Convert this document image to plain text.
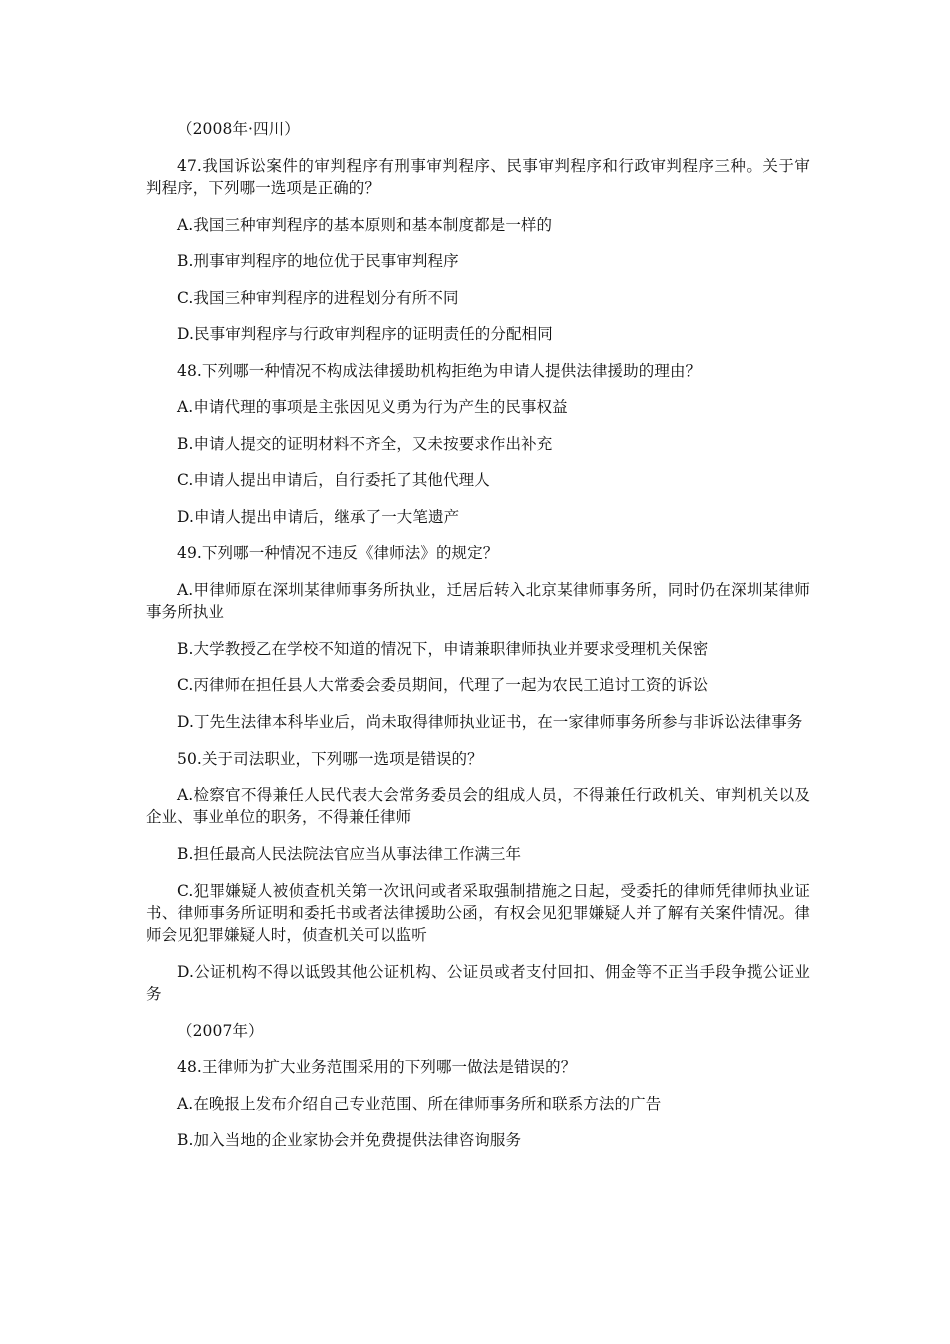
（2008年·四川）

47.我国诉讼案件的审判程序有刑事审判程序、民事审判程序和行政审判程序三种。关于审判程序，下列哪一选项是正确的？

A.我国三种审判程序的基本原则和基本制度都是一样的

B.刑事审判程序的地位优于民事审判程序

C.我国三种审判程序的进程划分有所不同

D.民事审判程序与行政审判程序的证明责任的分配相同

48.下列哪一种情况不构成法律援助机构拒绝为申请人提供法律援助的理由？

A.申请代理的事项是主张因见义勇为行为产生的民事权益

B.申请人提交的证明材料不齐全，又未按要求作出补充

C.申请人提出申请后，自行委托了其他代理人

D.申请人提出申请后，继承了一大笔遗产

49.下列哪一种情况不违反《律师法》的规定？

A.甲律师原在深圳某律师事务所执业，迁居后转入北京某律师事务所，同时仍在深圳某律师事务所执业

B.大学教授乙在学校不知道的情况下，申请兼职律师执业并要求受理机关保密

C.丙律师在担任县人大常委会委员期间，代理了一起为农民工追讨工资的诉讼

D.丁先生法律本科毕业后，尚未取得律师执业证书，在一家律师事务所参与非诉讼法律事务

50.关于司法职业，下列哪一选项是错误的？

A.检察官不得兼任人民代表大会常务委员会的组成人员，不得兼任行政机关、审判机关以及企业、事业单位的职务，不得兼任律师

B.担任最高人民法院法官应当从事法律工作满三年

C.犯罪嫌疑人被侦查机关第一次讯问或者采取强制措施之日起，受委托的律师凭律师执业证书、律师事务所证明和委托书或者法律援助公函，有权会见犯罪嫌疑人并了解有关案件情况。律师会见犯罪嫌疑人时，侦查机关可以监听

D.公证机构不得以诋毁其他公证机构、公证员或者支付回扣、佣金等不正当手段争揽公证业务

（2007年）

48.王律师为扩大业务范围采用的下列哪一做法是错误的？

A.在晚报上发布介绍自己专业范围、所在律师事务所和联系方法的广告

B.加入当地的企业家协会并免费提供法律咨询服务
